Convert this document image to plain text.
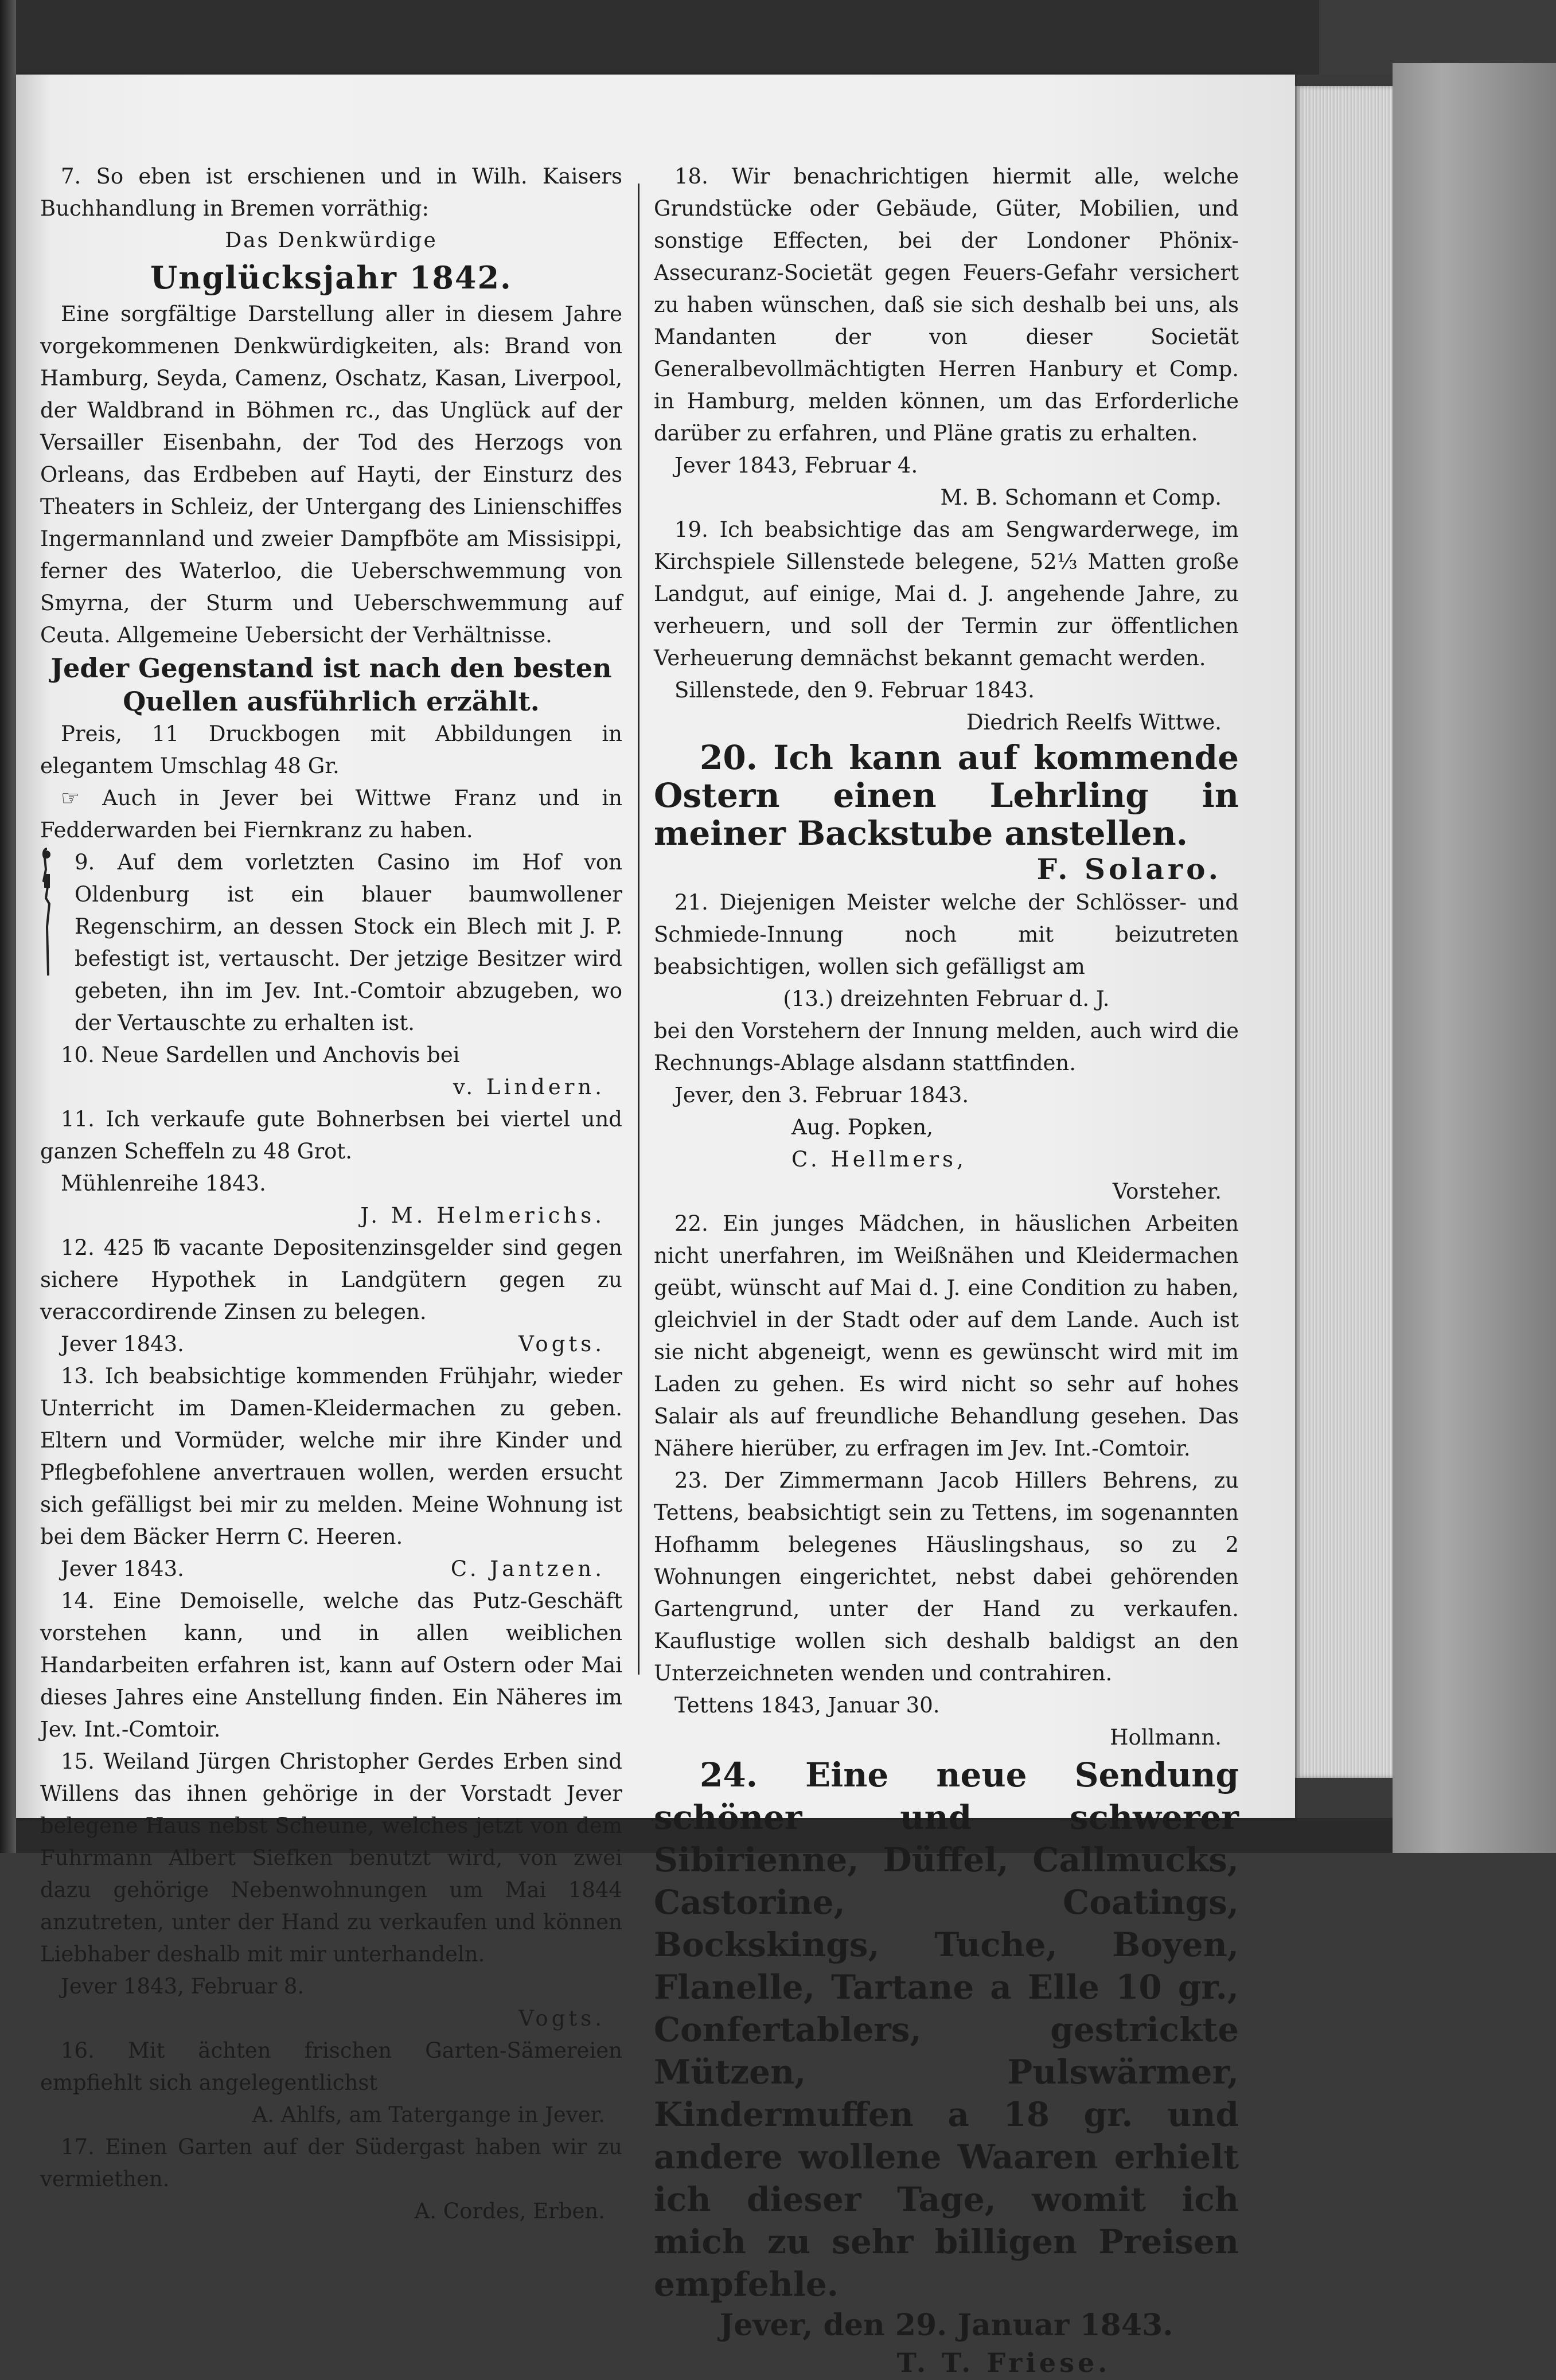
7. So eben ist erschienen und in Wilh. Kaisers Buchhandlung in Bremen vorräthig:

Das Denkwürdige

Unglücksjahr 1842.

Eine sorgfältige Darstellung aller in diesem Jahre vorgekommenen Denkwürdigkeiten, als: Brand von Hamburg, Seyda, Camenz, Oschatz, Kasan, Liverpool, der Waldbrand in Böhmen rc., das Unglück auf der Versailler Eisenbahn, der Tod des Herzogs von Orleans, das Erdbeben auf Hayti, der Einsturz des Theaters in Schleiz, der Untergang des Linienschiffes Ingermannland und zweier Dampfböte am Missisippi, ferner des Waterloo, die Ueberschwemmung von Smyrna, der Sturm und Ueberschwemmung auf Ceuta. Allgemeine Uebersicht der Verhältnisse.

Jeder Gegenstand ist nach den besten Quellen ausführlich erzählt.

Preis, 11 Druckbogen mit Abbildungen in elegantem Umschlag 48 Gr.

☞ Auch in Jever bei Wittwe Franz und in Fedderwarden bei Fiernkranz zu haben.

9. Auf dem vorletzten Casino im Hof von Oldenburg ist ein blauer baumwollener Regenschirm, an dessen Stock ein Blech mit J. P. befestigt ist, vertauscht. Der jetzige Besitzer wird gebeten, ihn im Jev. Int.-Comtoir abzugeben, wo der Vertauschte zu erhalten ist.

10. Neue Sardellen und Anchovis bei

v. Lindern.

11. Ich verkaufe gute Bohnerbsen bei viertel und ganzen Scheffeln zu 48 Grot.

Mühlenreihe 1843.

J. M. Helmerichs.

12. 425 ℔ vacante Depositenzinsgelder sind gegen sichere Hypothek in Landgütern gegen zu veraccordirende Zinsen zu belegen.

Jever 1843.	Vogts.

13. Ich beabsichtige kommenden Frühjahr, wieder Unterricht im Damen-Kleidermachen zu geben. Eltern und Vormüder, welche mir ihre Kinder und Pflegbefohlene anvertrauen wollen, werden ersucht sich gefälligst bei mir zu melden. Meine Wohnung ist bei dem Bäcker Herrn C. Heeren.

Jever 1843.	C. Jantzen.

14. Eine Demoiselle, welche das Putz-Geschäft vorstehen kann, und in allen weiblichen Handarbeiten erfahren ist, kann auf Ostern oder Mai dieses Jahres eine Anstellung finden. Ein Näheres im Jev. Int.-Comtoir.

15. Weiland Jürgen Christopher Gerdes Erben sind Willens das ihnen gehörige in der Vorstadt Jever belegene Haus nebst Scheune, welches jetzt von dem Fuhrmann Albert Siefken benutzt wird, von zwei dazu gehörige Nebenwohnungen um Mai 1844 anzutreten, unter der Hand zu verkaufen und können Liebhaber deshalb mit mir unterhandeln.

Jever 1843, Februar 8.

Vogts.

16. Mit ächten frischen Garten-Sämereien empfiehlt sich angelegentlichst

A. Ahlfs, am Tatergange in Jever.

17. Einen Garten auf der Südergast haben wir zu vermiethen.

A. Cordes, Erben.

18. Wir benachrichtigen hiermit alle, welche Grundstücke oder Gebäude, Güter, Mobilien, und sonstige Effecten, bei der Londoner Phönix-Assecuranz-Societät gegen Feuers-Gefahr versichert zu haben wünschen, daß sie sich deshalb bei uns, als Mandanten der von dieser Societät Generalbevollmächtigten Herren Hanbury et Comp. in Hamburg, melden können, um das Erforderliche darüber zu erfahren, und Pläne gratis zu erhalten.

Jever 1843, Februar 4.

M. B. Schomann et Comp.

19. Ich beabsichtige das am Sengwarderwege, im Kirchspiele Sillenstede belegene, 52⅓ Matten große Landgut, auf einige, Mai d. J. angehende Jahre, zu verheuern, und soll der Termin zur öffentlichen Verheuerung demnächst bekannt gemacht werden.

Sillenstede, den 9. Februar 1843.

Diedrich Reelfs Wittwe.

20. Ich kann auf kommende Ostern einen Lehrling in meiner Backstube anstellen.

F. Solaro.

21. Diejenigen Meister welche der Schlösser- und Schmiede-Innung noch mit beizutreten beabsichtigen, wollen sich gefälligst am

(13.) dreizehnten Februar d. J.

bei den Vorstehern der Innung melden, auch wird die Rechnungs-Ablage alsdann stattfinden.

Jever, den 3. Februar 1843.

Aug. Popken,

C. Hellmers,

Vorsteher.

22. Ein junges Mädchen, in häuslichen Arbeiten nicht unerfahren, im Weißnähen und Kleidermachen geübt, wünscht auf Mai d. J. eine Condition zu haben, gleichviel in der Stadt oder auf dem Lande. Auch ist sie nicht abgeneigt, wenn es gewünscht wird mit im Laden zu gehen. Es wird nicht so sehr auf hohes Salair als auf freundliche Behandlung gesehen. Das Nähere hierüber, zu erfragen im Jev. Int.-Comtoir.

23. Der Zimmermann Jacob Hillers Behrens, zu Tettens, beabsichtigt sein zu Tettens, im sogenannten Hofhamm belegenes Häuslingshaus, so zu 2 Wohnungen eingerichtet, nebst dabei gehörenden Gartengrund, unter der Hand zu verkaufen. Kauflustige wollen sich deshalb baldigst an den Unterzeichneten wenden und contrahiren.

Tettens 1843, Januar 30.

Hollmann.

24. Eine neue Sendung schöner und schwerer Sibirienne, Düffel, Callmucks, Castorine, Coatings, Bockskings, Tuche, Boyen, Flanelle, Tartane a Elle 10 gr., Confertablers, gestrickte Mützen, Pulswärmer, Kindermuffen a 18 gr. und andere wollene Waaren erhielt ich dieser Tage, womit ich mich zu sehr billigen Preisen empfehle.

Jever, den 29. Januar 1843.

T. T. Friese.
